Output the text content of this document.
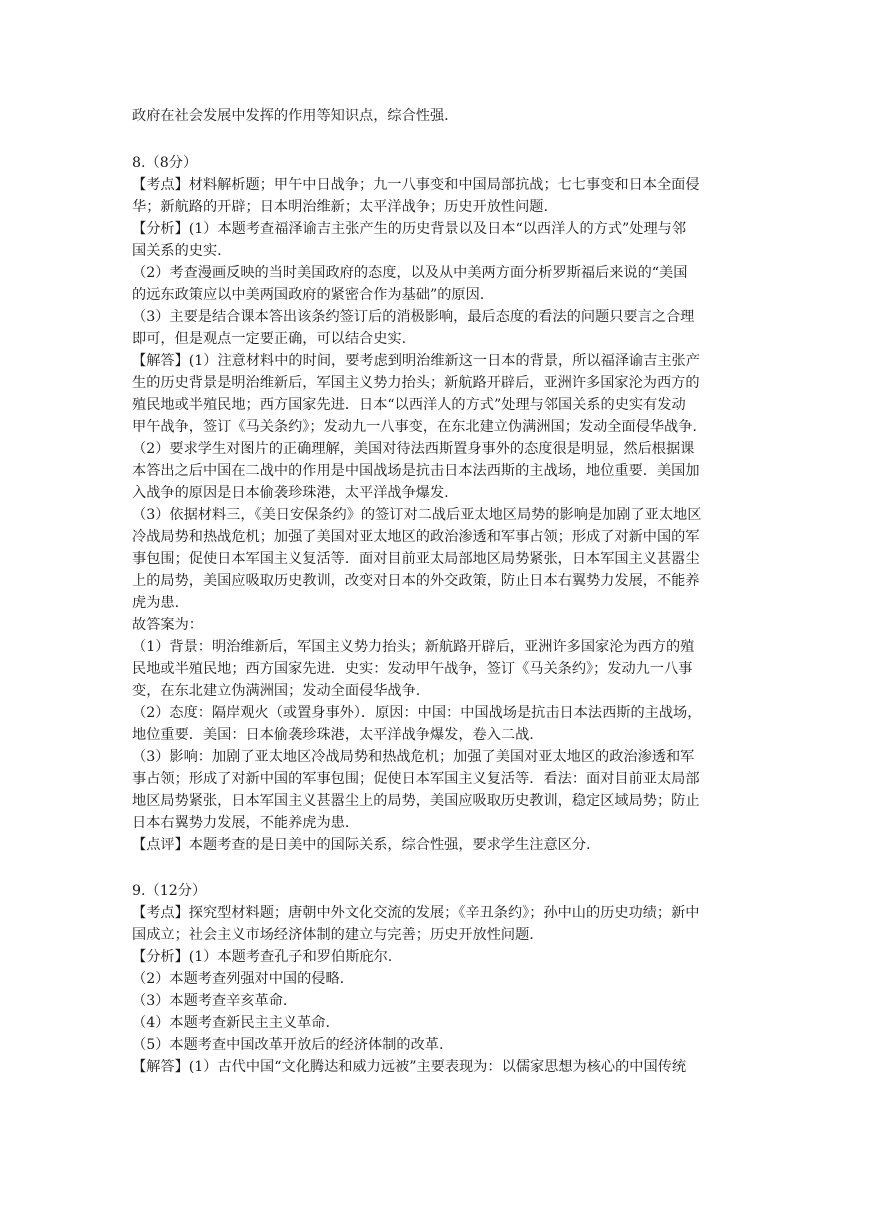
政府在社会发展中发挥的作用等知识点，综合性强.
8.（8分）
【考点】材料解析题；甲午中日战争；九一八事变和中国局部抗战；七七事变和日本全面侵
华；新航路的开辟；日本明治维新；太平洋战争；历史开放性问题.
【分析】(1）本题考查福泽谕吉主张产生的历史背景以及日本“以西洋人的方式”处理与邻
国关系的史实.
（2）考查漫画反映的当时美国政府的态度，以及从中美两方面分析罗斯福后来说的“美国
的远东政策应以中美两国政府的紧密合作为基础”的原因.
（3）主要是结合课本答出该条约签订后的消极影响，最后态度的看法的问题只要言之合理
即可，但是观点一定要正确，可以结合史实.
【解答】(1）注意材料中的时间，要考虑到明治维新这一日本的背景，所以福泽谕吉主张产
生的历史背景是明治维新后，军国主义势力抬头；新航路开辟后，亚洲许多国家沦为西方的
殖民地或半殖民地；西方国家先进．日本“以西洋人的方式”处理与邻国关系的史实有发动
甲午战争，签订《马关条约》；发动九一八事变，在东北建立伪满洲国；发动全面侵华战争.
（2）要求学生对图片的正确理解，美国对待法西斯置身事外的态度很是明显，然后根据课
本答出之后中国在二战中的作用是中国战场是抗击日本法西斯的主战场，地位重要．美国加
入战争的原因是日本偷袭珍珠港，太平洋战争爆发.
（3）依据材料三，《美日安保条约》的签订对二战后亚太地区局势的影响是加剧了亚太地区
冷战局势和热战危机；加强了美国对亚太地区的政治渗透和军事占领；形成了对新中国的军
事包围；促使日本军国主义复活等．面对目前亚太局部地区局势紧张，日本军国主义甚嚣尘
上的局势，美国应吸取历史教训，改变对日本的外交政策，防止日本右翼势力发展，不能养
虎为患.
故答案为：
（1）背景：明治维新后，军国主义势力抬头；新航路开辟后，亚洲许多国家沦为西方的殖
民地或半殖民地；西方国家先进．史实：发动甲午战争，签订《马关条约》；发动九一八事
变，在东北建立伪满洲国；发动全面侵华战争.
（2）态度：隔岸观火（或置身事外）．原因：中国：中国战场是抗击日本法西斯的主战场，
地位重要．美国：日本偷袭珍珠港，太平洋战争爆发，卷入二战.
（3）影响：加剧了亚太地区冷战局势和热战危机；加强了美国对亚太地区的政治渗透和军
事占领；形成了对新中国的军事包围；促使日本军国主义复活等．看法：面对目前亚太局部
地区局势紧张，日本军国主义甚嚣尘上的局势，美国应吸取历史教训，稳定区域局势；防止
日本右翼势力发展，不能养虎为患.
【点评】本题考查的是日美中的国际关系，综合性强，要求学生注意区分.
9.（12分）
【考点】探究型材料题；唐朝中外文化交流的发展；《辛丑条约》；孙中山的历史功绩；新中
国成立；社会主义市场经济体制的建立与完善；历史开放性问题.
【分析】(1）本题考查孔子和罗伯斯庇尔.
（2）本题考查列强对中国的侵略.
（3）本题考查辛亥革命.
（4）本题考查新民主主义革命.
（5）本题考查中国改革开放后的经济体制的改革.
【解答】(1）古代中国“文化腾达和威力远被”主要表现为：以儒家思想为核心的中国传统
